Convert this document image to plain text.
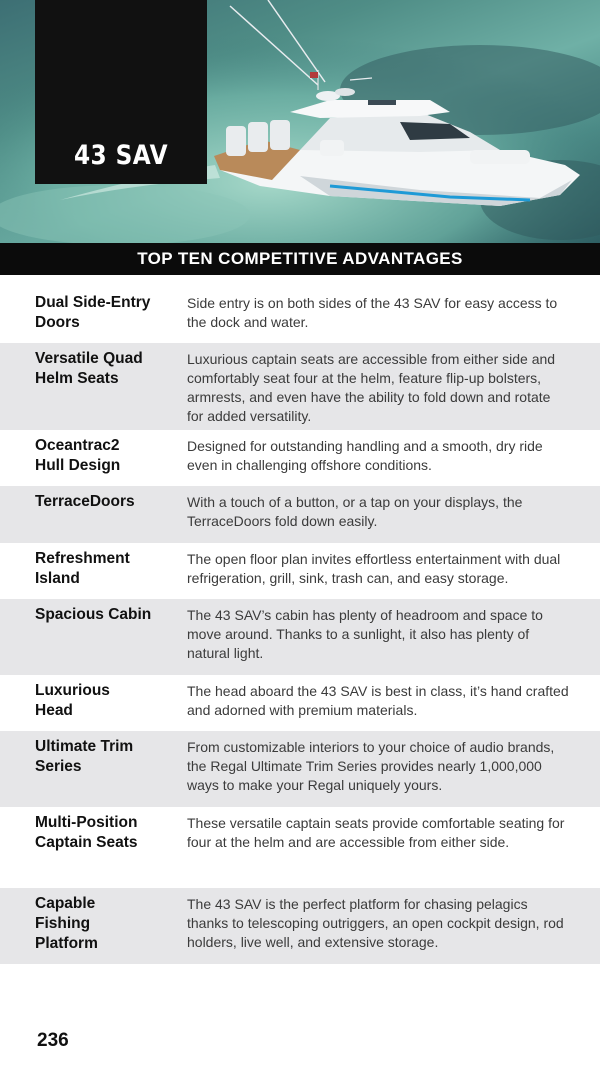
43 SAV
TOP TEN COMPETITIVE ADVANTAGES
Dual Side-Entry Doors
Side entry is on both sides of the 43 SAV for easy access to the dock and water.
Versatile Quad Helm Seats
Luxurious captain seats are accessible from either side and comfortably seat four at the helm, feature flip-up bolsters, armrests, and even have the ability to fold down and rotate for added versatility.
Oceantrac2 Hull Design
Designed for outstanding handling and a smooth, dry ride even in challenging offshore conditions.
TerraceDoors	With a touch of a button, or a tap on your displays, the TerraceDoors fold down easily.
Refreshment Island
The open floor plan invites effortless entertainment with dual refrigeration, grill, sink, trash can, and easy storage.
Spacious Cabin	The 43 SAV’s cabin has plenty of headroom and space to move around. Thanks to a sunlight, it also has plenty of natural light.
Luxurious Head
The head aboard the 43 SAV is best in class, it’s hand crafted and adorned with premium materials.
Ultimate Trim Series
From customizable interiors to your choice of audio brands, the Regal Ultimate Trim Series provides nearly 1,000,000 ways to make your Regal uniquely yours.
Multi-Position Captain Seats
These versatile captain seats provide comfortable seating for four at the helm and are accessible from either side.
Capable Fishing Platform
The 43 SAV is the perfect platform for chasing pelagics thanks to telescoping outriggers, an open cockpit design, rod holders, live well, and extensive storage.
236
